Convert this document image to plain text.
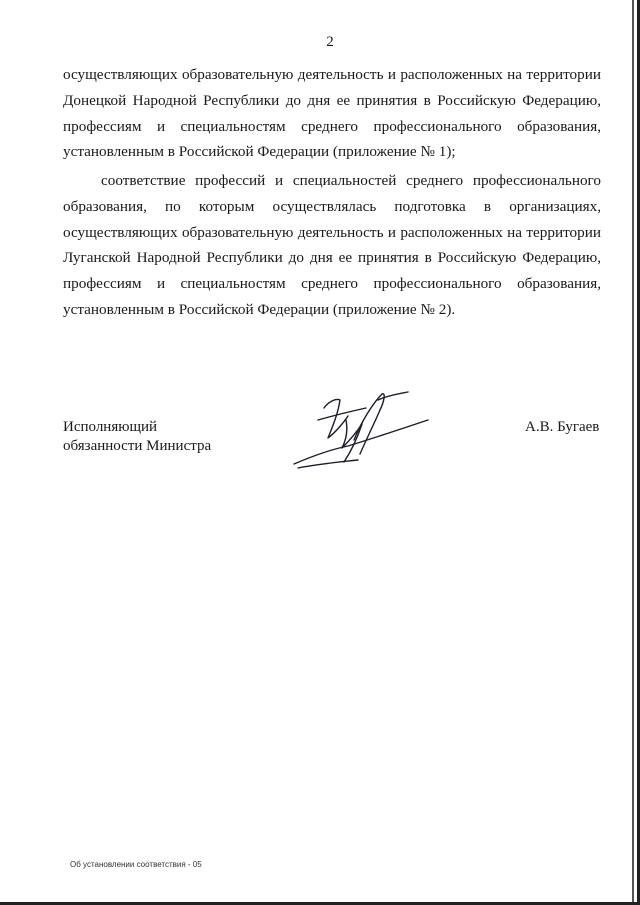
2

осуществляющих образовательную деятельность и расположенных на территории Донецкой Народной Республики до дня ее принятия в Российскую Федерацию, профессиям и специальностям среднего профессионального образования, установленным в Российской Федерации (приложение № 1);

соответствие профессий и специальностей среднего профессионального образования, по которым осуществлялась подготовка в организациях, осуществляющих образовательную деятельность и расположенных на территории Луганской Народной Республики до дня ее принятия в Российскую Федерацию, профессиям и специальностям среднего профессионального образования, установленным в Российской Федерации (приложение № 2).

Исполняющий
обязанности Министра
А.В. Бугаев
Об установлении соответствия - 05
